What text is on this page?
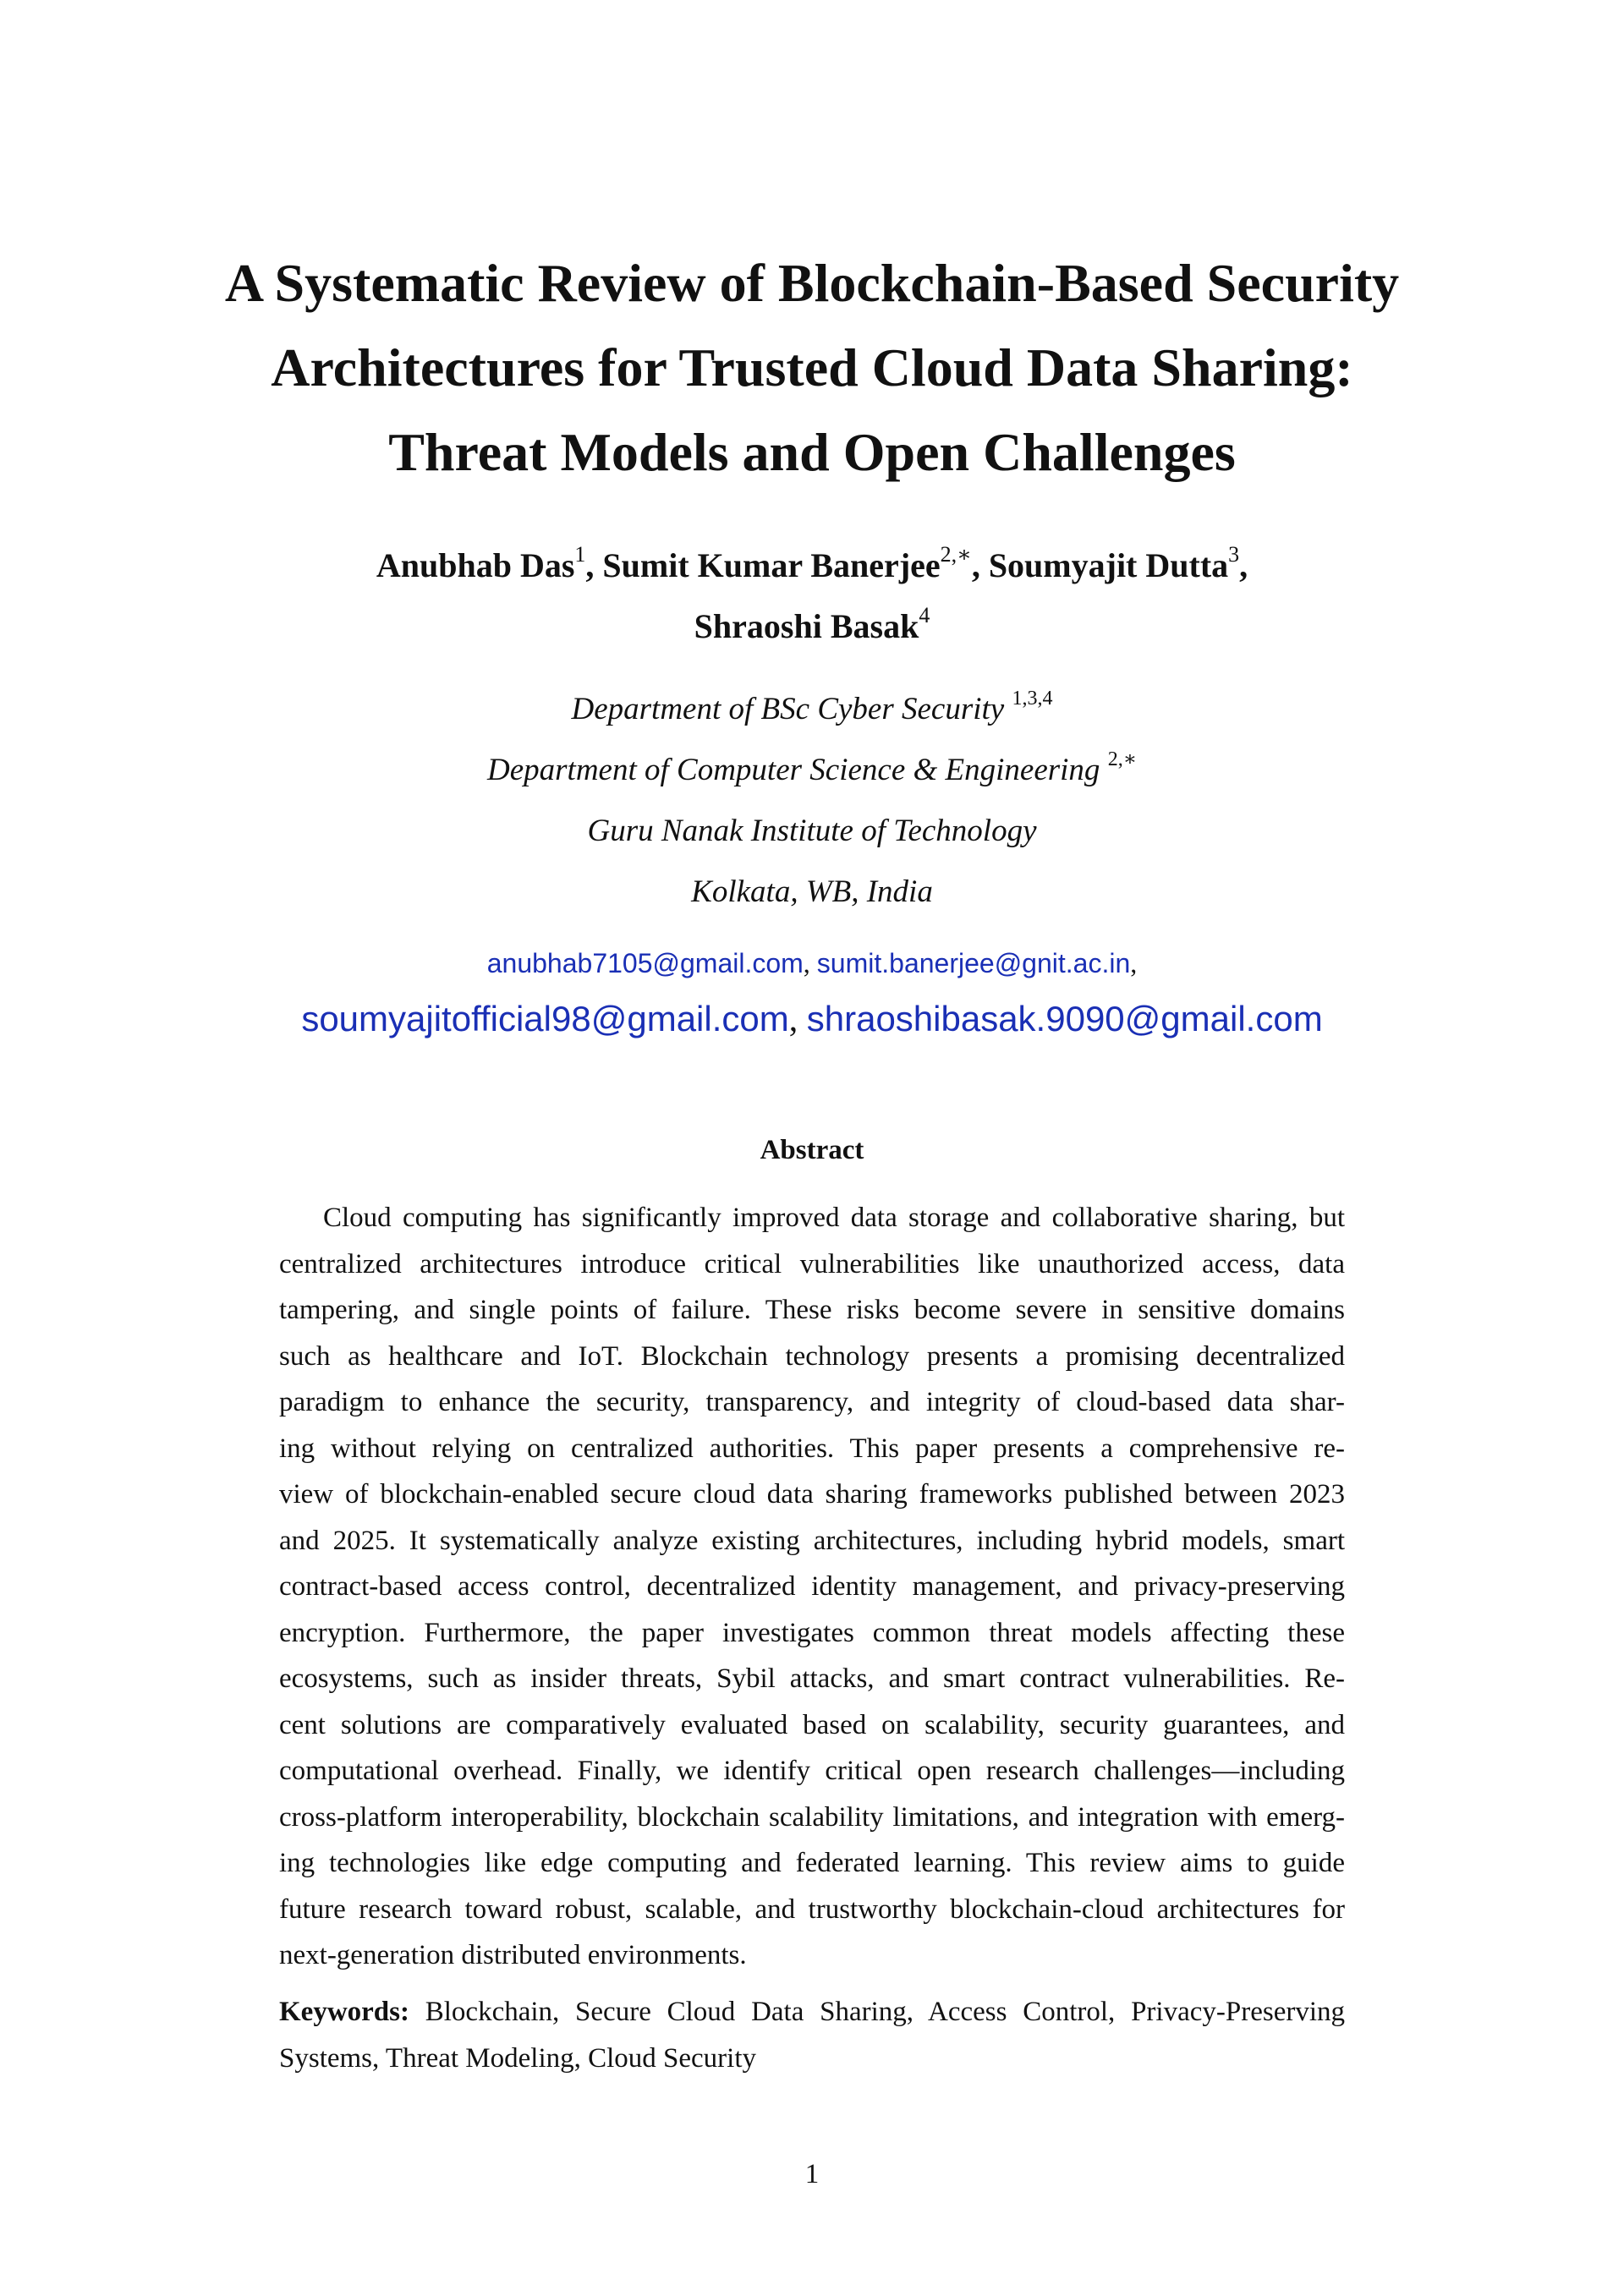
A Systematic Review of Blockchain-Based Security
Architectures for Trusted Cloud Data Sharing:
Threat Models and Open Challenges
Anubhab Das$^1$, Sumit Kumar Banerjee$^{2,∗}$, Soumyajit Dutta$^3$,
Shraoshi Basak$^4$

Department of BSc Cyber Security $^{1,3,4}$

Department of Computer Science & Engineering $^{2,∗}$

Guru Nanak Institute of Technology

Kolkata, WB, India

anubhab7105@gmail.com, sumit.banerjee@gnit.ac.in,

soumyajitofficial98@gmail.com, shraoshibasak.9090@gmail.com

Abstract
Cloud computing has significantly improved data storage and collaborative sharing, but
centralized architectures introduce critical vulnerabilities like unauthorized access, data
tampering, and single points of failure. These risks become severe in sensitive domains
such as healthcare and IoT. Blockchain technology presents a promising decentralized
paradigm to enhance the security, transparency, and integrity of cloud-based data shar-
ing without relying on centralized authorities. This paper presents a comprehensive re-
view of blockchain-enabled secure cloud data sharing frameworks published between 2023
and 2025. It systematically analyze existing architectures, including hybrid models, smart
contract-based access control, decentralized identity management, and privacy-preserving
encryption. Furthermore, the paper investigates common threat models affecting these
ecosystems, such as insider threats, Sybil attacks, and smart contract vulnerabilities. Re-
cent solutions are comparatively evaluated based on scalability, security guarantees, and
computational overhead. Finally, we identify critical open research challenges—including
cross-platform interoperability, blockchain scalability limitations, and integration with emerg-
ing technologies like edge computing and federated learning. This review aims to guide
future research toward robust, scalable, and trustworthy blockchain-cloud architectures for
next-generation distributed environments.
Keywords: Blockchain, Secure Cloud Data Sharing, Access Control, Privacy-Preserving
Systems, Threat Modeling, Cloud Security
1
